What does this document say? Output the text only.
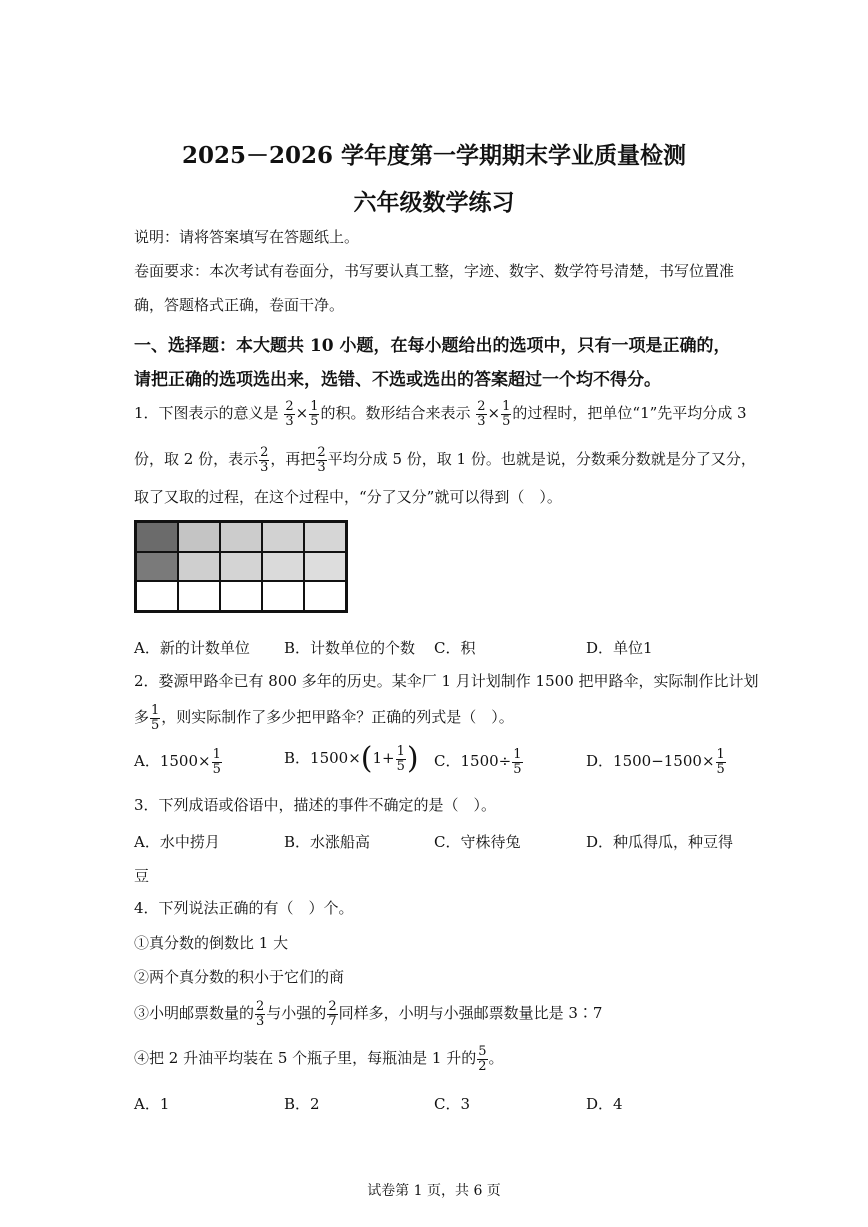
2025－2026 学年度第一学期期末学业质量检测
六年级数学练习
说明：请将答案填写在答题纸上。
卷面要求：本次考试有卷面分，书写要认真工整，字迹、数字、数学符号清楚，书写位置准
确，答题格式正确，卷面干净。
一、选择题：本大题共 10 小题，在每小题给出的选项中，只有一项是正确的，
请把正确的选项选出来，选错、不选或选出的答案超过一个均不得分。
1．下图表示的意义是 $\frac{2}{3} \times \frac{1}{5}$ 的积。数形结合来表示 $\frac{2}{3} \times \frac{1}{5}$ 的过程时，把单位“1”先平均分成 3
份，取 2 份，表示 $\frac{2}{3}$ ，再把 $\frac{2}{3}$ 平均分成 5 份，取 1 份。也就是说，分数乘分数就是分了又分，
取了又取的过程，在这个过程中，“分了又分”就可以得到（　）。
A．新的计数单位 B．计数单位的个数 C．积	D．单位1
2．婺源甲路伞已有 800 多年的历史。某伞厂 1 月计划制作 1500 把甲路伞，实际制作比计划
多 $\frac{1}{5}$ ，则实际制作了多少把甲路伞？正确的列式是（　）。
A．$1500\times \frac{1}{5}$	B．$1500\times(1+ \frac{1}{5}$ ) C．$1500\div \frac{1}{5}$	D．$1500-1500\times \frac{1}{5}$
3．下列成语或俗语中，描述的事件不确定的是（　）。
A．水中捞月	B．水涨船高	C．守株待兔	D．种瓜得瓜，种豆得
豆
4．下列说法正确的有（　）个。
①真分数的倒数比 1 大
②两个真分数的积小于它们的商
③小明邮票数量的 $\frac{2}{3}$ 与小强的 $\frac{2}{7}$ 同样多，小明与小强邮票数量比是 3∶7
④把 2 升油平均装在 5 个瓶子里，每瓶油是 1 升的 $\frac{5}{2}$ 。
A．1	B．2	C．3	D．4
试卷第 1 页，共 6 页
